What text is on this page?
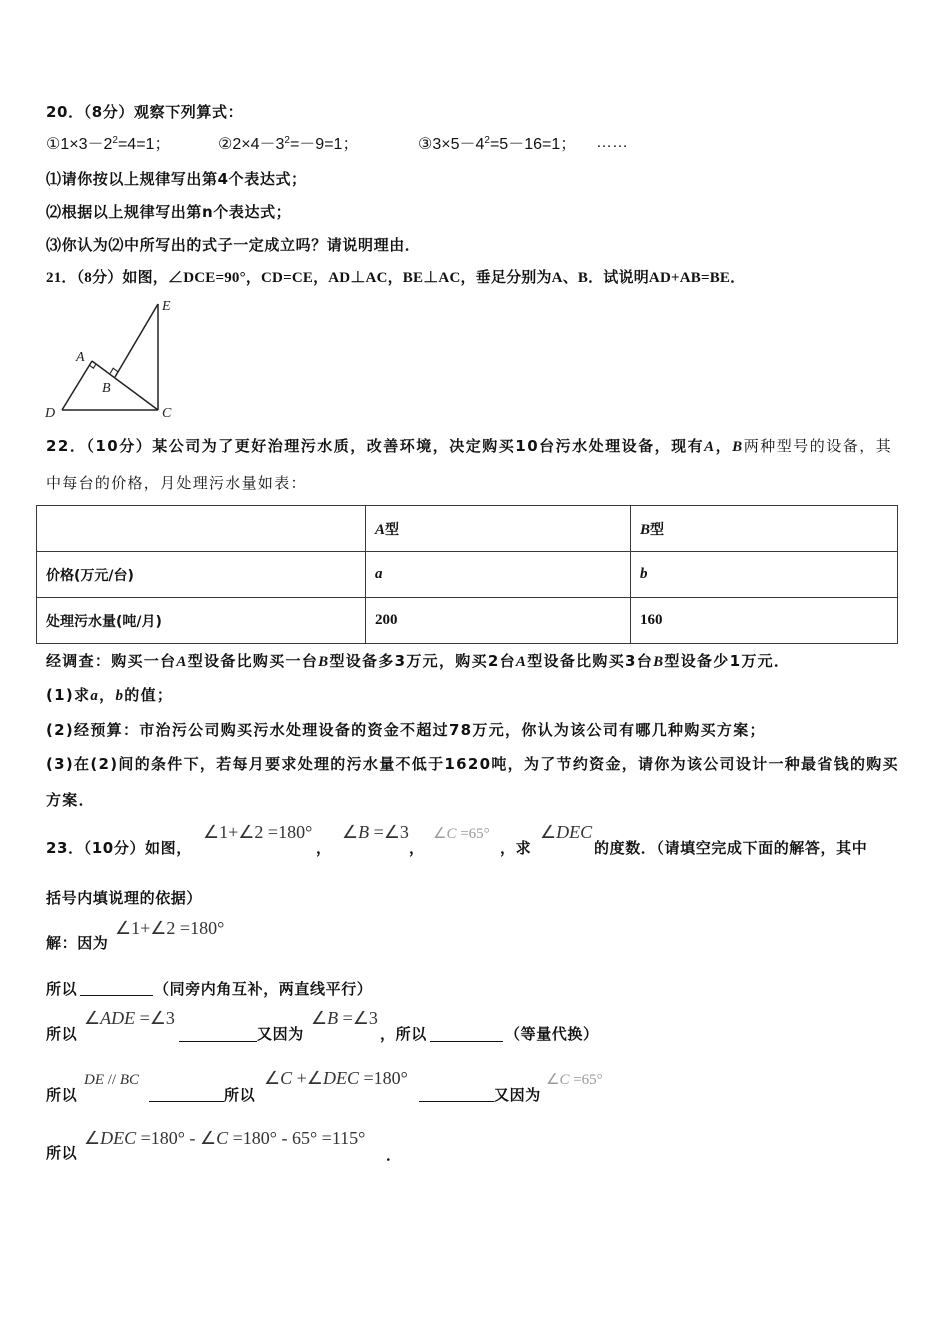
20．（8分）观察下列算式：
$①1\times 3-2^2=4=1$；	$②2\times 4-3^2=-9=1$；	$③3\times 5-4^2=5-16=1$； ……
⑴请你按以上规律写出第4个表达式；
⑵根据以上规律写出第n个表达式；
⑶你认为⑵中所写出的式子一定成立吗？请说明理由．
21．（8分）如图，∠DCE=90°，CD=CE，AD⊥AC，BE⊥AC，垂足分别为A、B．试说明AD+AB=BE．
A
B
C
D
E
22．（10分）某公司为了更好治理污水质，改善环境，决定购买10台污水处理设备，现有A，B两种型号的设备，其
中每台的价格，月处理污水量如表：
	A型	B型
价格(万元/台)	a	b
处理污水量(吨/月)	200	160
经调查：购买一台A型设备比购买一台B型设备多3万元，购买2台A型设备比购买3台B型设备少1万元．
(1)求a，b的值；
(2)经预算：市治污公司购买污水处理设备的资金不超过78万元，你认为该公司有哪几种购买方案；
(3)在(2)间的条件下，若每月要求处理的污水量不低于1620吨，为了节约资金，请你为该公司设计一种最省钱的购买
方案．
23．（10分）如图，
∠1+∠2 =180°
，
∠B =∠3
，
∠C =65°
，求
∠DEC
的度数．（请填空完成下面的解答，其中
括号内填说理的依据）
解：因为
∠1+∠2 =180°
所以	（同旁内角互补，两直线平行）
所以
∠ADE =∠3
又因为
∠B =∠3
，所以	（等量代换）
所以
DE // BC
所以
∠C +∠DEC =180°
又因为
∠C =65°
所以
∠DEC =180° - ∠C =180° - 65° =115°
．
